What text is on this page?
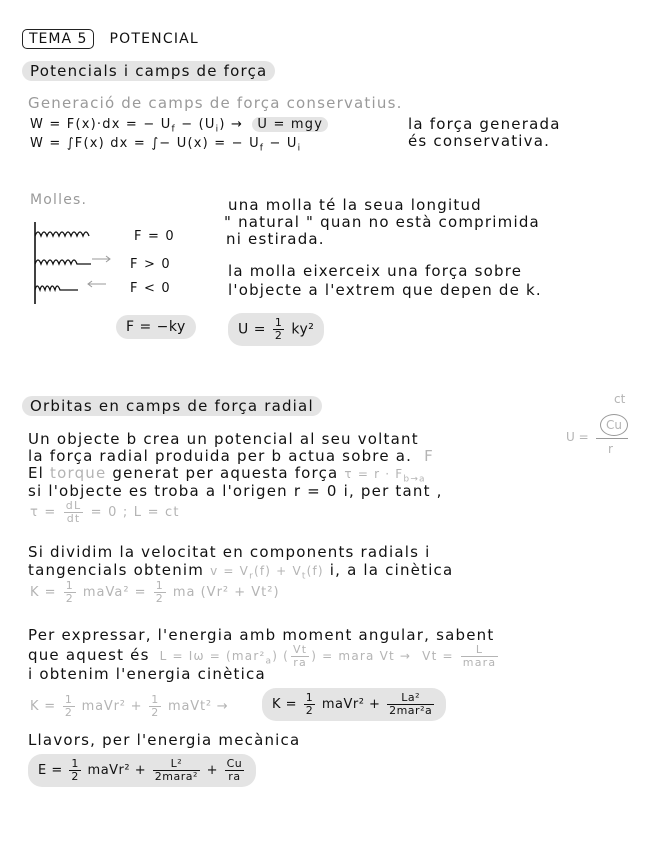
TEMA 5 POTENCIAL
Potencials i camps de força
Generació de camps de força conservatius.
W = F(x)·dx = − $U_f - (U_i) \to U$ = mgy
W = ∫F(x) dx = ∫− U(x) = − $U_f - U_i$
la força generada
és conservativa.
Molles.
F = 0
F > 0
F < 0
una molla té la seua longitud
" natural " quan no està comprimida
ni estirada.
la molla eixerceix una força sobre
l'objecte a l'extrem que depen de k.
F = −ky	$U = \frac{1}{2} ky^2$
Orbitas en camps de força radial
U =
ct
Cu
r
Un objecte b crea un potencial al seu voltant
la força radial produida per b actua sobre a. F
El torque generat per aquesta força $\tau = r \cdot F_{b\to a}$
si l'objecte es troba a l'origen r = 0 i, per tant ,
$\tau = \frac{dL}{dt} = 0$ ; L = ct
Si dividim la velocitat en components radials i
tangencials obtenim $v = V_r(f) + V_t(f)$ i, a la cinètica
$K = \frac{1}{2}$ maVa² = $\frac{1}{2}$ ma (Vr² + Vt²)
Per expressar, l'energia amb moment angular, sabent
que aquest és $L = I\omega = (mar^2_a)$ ( $\frac{Vt}{ra}$ ) = mara $Vt \to Vt = \frac{L}{\text{mara}}$
i obtenim l'energia cinètica
$K = \frac{1}{2}$ maVr² + $\frac{1}{2}$ maVt² →	$K = \frac{1}{2}$ maVr² + $\frac{\text{La²}}{\text{2mar²a}}$
Llavors, per l'energia mecànica
$E = \frac{1}{2}$ maVr² + $\frac{\text{L²}}{\text{2mara²}} + \frac{Cu}{ra}$
